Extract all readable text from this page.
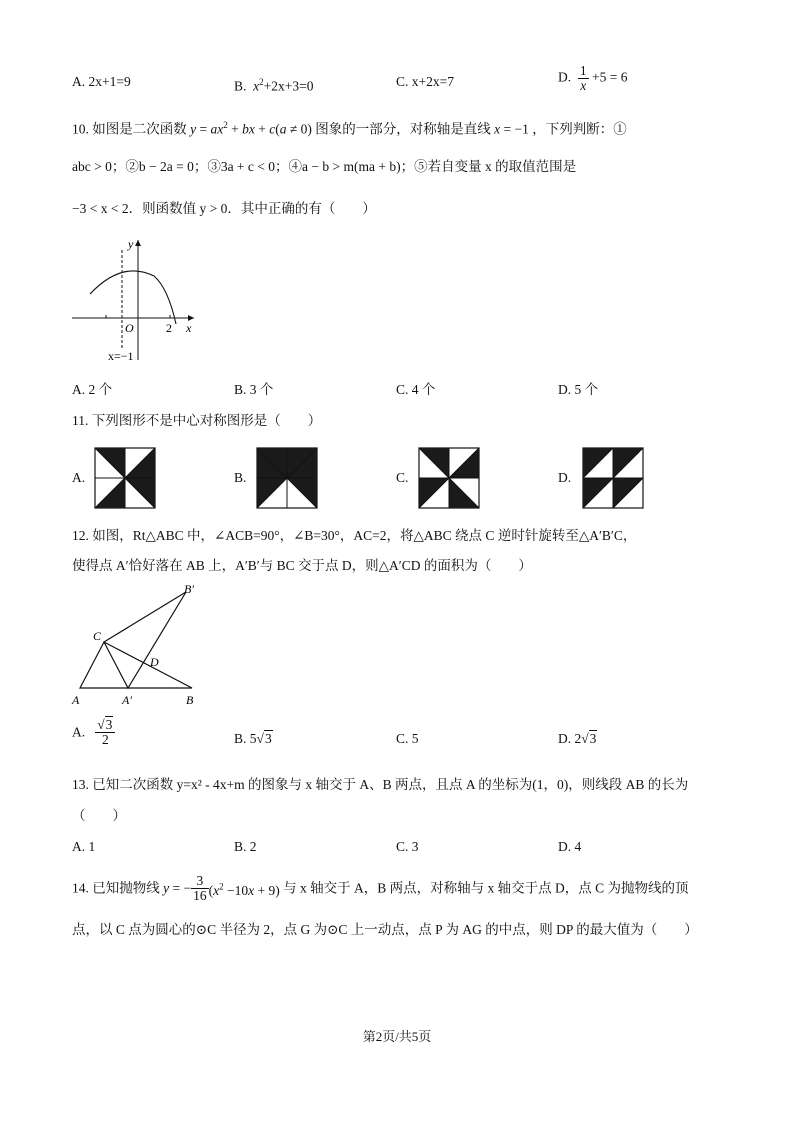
A. 2x+1=9	B. $x^2+2x+3=0$	C. x+2x=7	D. $\frac{1}{x} +5 = 6$
10. 如图是二次函数 $y = ax^2$ + bx + c(a ≠ 0) 图象的一部分，对称轴是直线 x = −1 ，下列判断：①
abc > 0；②b − 2a = 0；③3a + c < 0；④a − b > m(ma + b)；⑤若自变量 x 的取值范围是
−3 < x < 2．则函数值 y > 0．其中正确的有（　　）
y
x
O	2
x=−1
A. 2 个	B. 3 个	C. 4 个	D. 5 个
11. 下列图形不是中心对称图形是（　　）
A.	B.	C.	D.
12. 如图，Rt△ABC 中，∠ACB=90°，∠B=30°，AC=2，将△ABC 绕点 C 逆时针旋转至△A′B′C，
使得点 A′恰好落在 AB 上，A′B′与 BC 交于点 D，则△A′CD 的面积为（　　）
A	A′	B
B′
C
D
A. $\frac{√3}{2}$	B. 5√3	C. 5	D. 2√3
13. 已知二次函数 y=x² - 4x+m 的图象与 x 轴交于 A、B 两点，且点 A 的坐标为(1，0)，则线段 AB 的长为
（　　）
A. 1	B. 2	C. 3	D. 4
14. 已知抛物线 y = − $\frac{3}{16} (x^2 -10x + 9)$ 与 x 轴交于 A，B 两点，对称轴与 x 轴交于点 D，点 C 为抛物线的顶
点，以 C 点为圆心的⊙C 半径为 2，点 G 为⊙C 上一动点，点 P 为 AG 的中点，则 DP 的最大值为（　　）
第2页/共5页
